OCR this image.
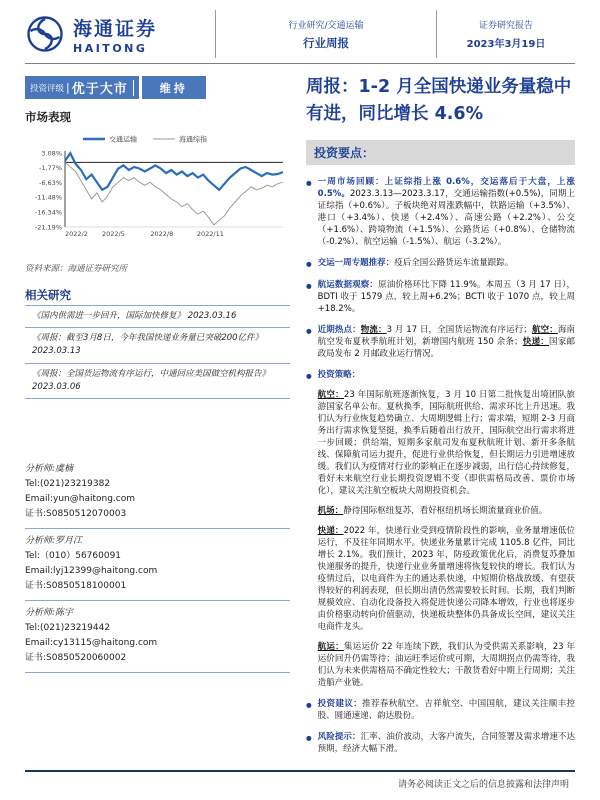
海通证券
HAITONG
行业研究/交通运输
行业周报
证券研究报告
2023年3月19日
投资评级 | 优于大市	维持
市场表现
3.08%
-1.77%
-6.63%
-11.48%
-16.34%
-21.19%
2022/2 2022/5	2022/8	2022/11
交通运输	海通综指
资料来源：海通证券研究所
相关研究
《国内供需进一步回升，国际加快修复》 2023.03.16
《周报：截至3月8日，今年我国快递业务量已突破200亿件》 2023.03.13
《周报：全国货运物流有序运行，中通回应美国做空机构报告》 2023.03.06
分析师:虞楠
Tel:(021)23219382
Email:yun@haitong.com
证书:S0850512070003
分析师:罗月江
Tel:（010）56760091
Email:lyj12399@haitong.com
证书:S0850518100001
分析师:陈宇
Tel:(021)23219442
Email:cy13115@haitong.com
证书:S0850520060002
周报：1-2 月全国快递业务量稳中有进，同比增长 4.6%
投资要点：
● 一周市场回顾：上证综指上涨 0.6%，交运落后于大盘，上涨 0.5%。2023.3.13—2023.3.17，交通运输指数(+0.5%)，同期上证综指（+0.6%）。子板块绝对周涨跌幅中，铁路运输（+3.5%）、港口（+3.4%）、快递（+2.4%）、高速公路（+2.2%）、公交（+1.6%）、跨境物流（+1.5%）、公路货运（+0.8%）、仓储物流（-0.2%）、航空运输（-1.5%）、航运（-3.2%）。

● 交运一周专题推荐：疫后全国公路货运车流量跟踪。

● 航运数据观察：原油价格环比下降 11.9%。本周五（3 月 17 日），BDTI 收于 1579 点，较上周+6.2%；BCTI 收于 1070 点，较上周+18.2%。

● 近期热点：物流：3 月 17 日，全国货运物流有序运行；航空：海南航空发布夏秋季航班计划，新增国内航班 150 余条；快递：国家邮政局发布 2 月邮政业运行情况。

● 投资策略：

航空：23 年国际航班逐渐恢复，3 月 10 日第二批恢复出境团队旅游国家名单公布。夏秋换季，国际航班供给、需求环比上升迅速。我们认为行业恢复趋势确立、大周期逻辑上行；需求端，短期 2-3 月商务出行需求恢复坚挺，换季后随着出行放开，国际航空出行需求将进一步回暖；供给端，短期多家航司发布夏秋航班计划、新开多条航线、保障航司运力提升，促进行业供给恢复，但长期运力引进增速放缓。我们认为疫情对行业的影响正在逐步减弱，出行信心持续修复，看好未来航空行业长期投资逻辑不变（即供需格局改善、票价市场化），建议关注航空板块大周期投资机会。

机场：静待国际枢纽复苏，看好枢纽机场长期流量商业价值。

快递：2022 年，快递行业受到疫情阶段性的影响，业务量增速低位运行，不及往年同期水平。快递业务量累计完成 1105.8 亿件，同比增长 2.1%。我们预计，2023 年，防疫政策优化后，消费复苏叠加快递服务的提升，快递行业业务量增速将恢复较快的增长。我们认为疫情过后，以电商件为主的通达系快递，中短期价格战放缓、有望获得较好的利润表现，但长期出清仍然需要较长时间。长期，我们判断规模效应、自动化设备投入将促进快递公司降本增效，行业也将逐步由价格驱动转向价值驱动，快递板块整体仍具备成长空间，建议关注电商件龙头。

航运：集运运价 22 年连续下跌，我们认为受供需关系影响，23 年运价回升仍需等待；油运旺季运价或可期，大周期拐点仍需等待，我们认为未来供需格局不确定性较大；干散货看好中期上行周期；关注造船产业链。

● 投资建议：推荐春秋航空、吉祥航空、中国国航，建议关注顺丰控股、圆通速递、韵达股份。

● 风险提示：汇率、油价波动，大客户流失，合同签署及需求增速不达预期，经济大幅下滑。

请务必阅读正文之后的信息披露和法律声明
